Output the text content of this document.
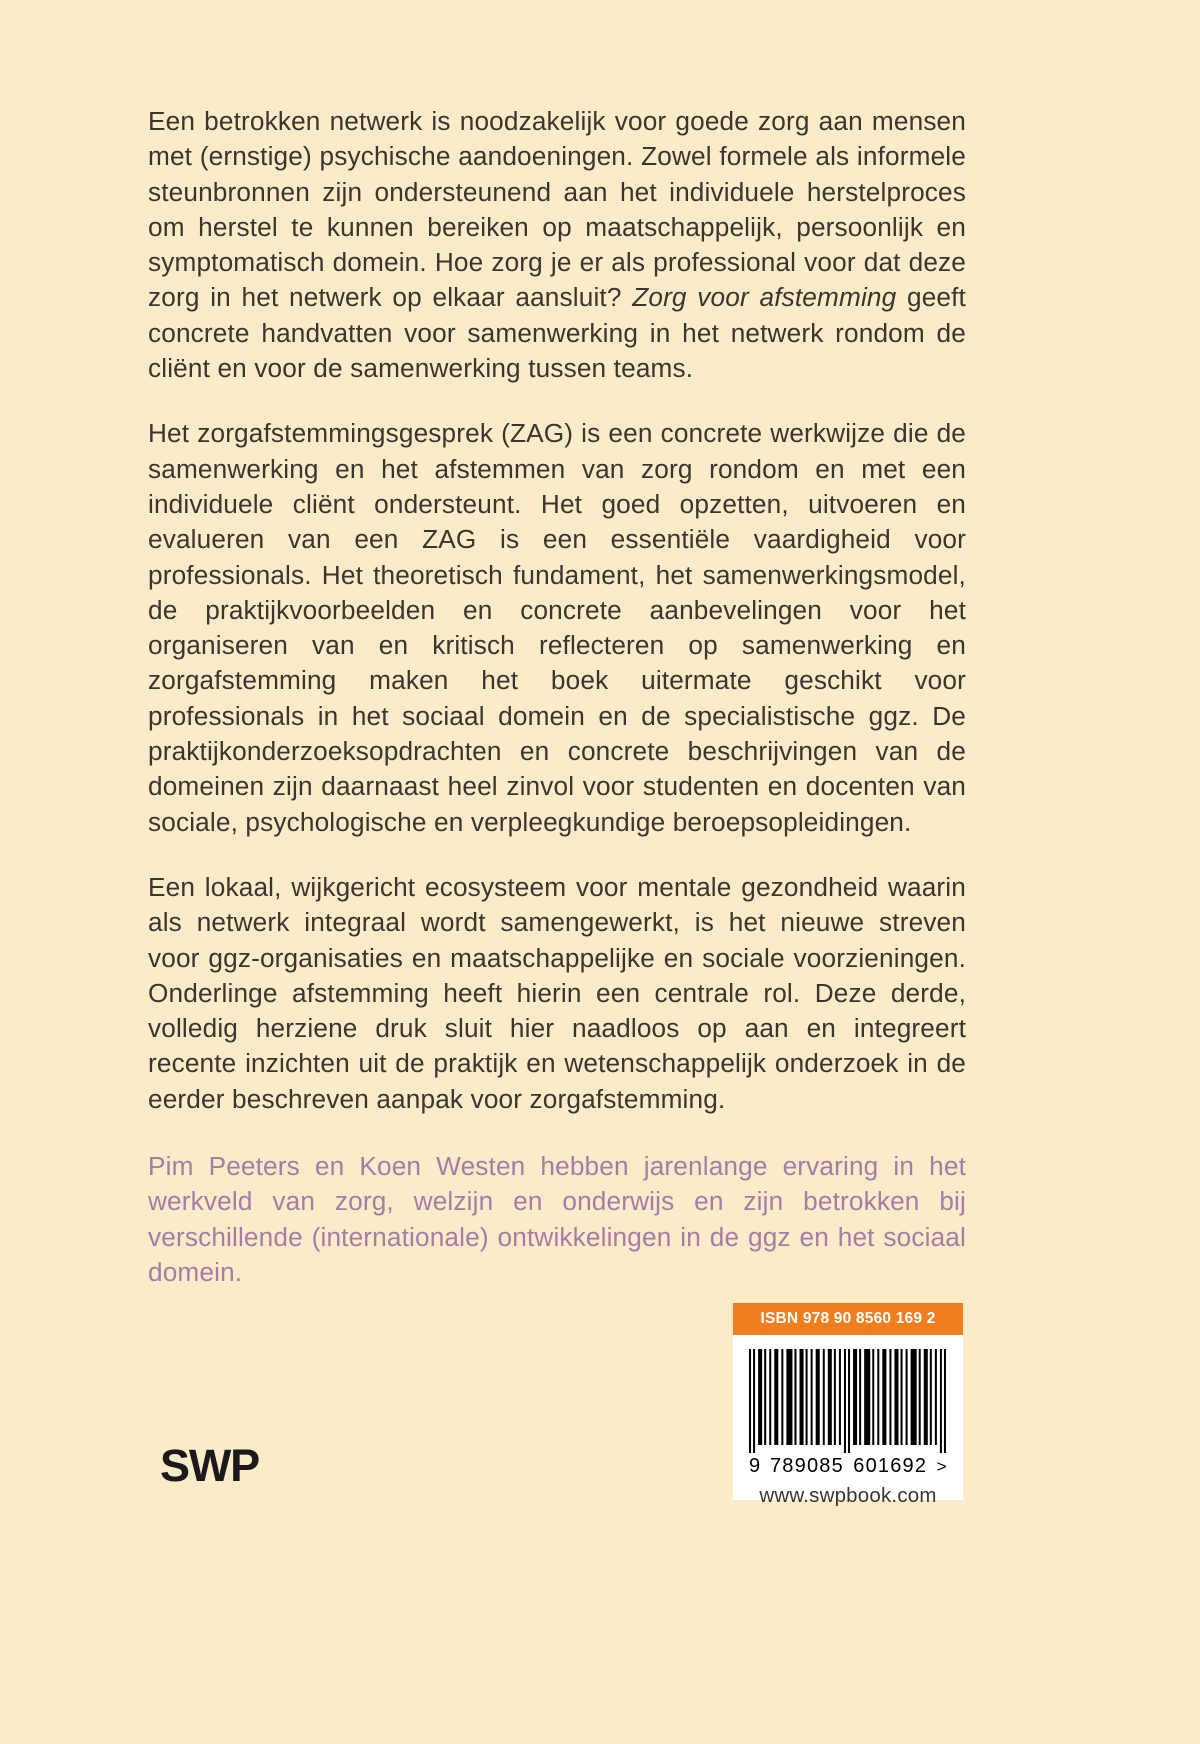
Een betrokken netwerk is noodzakelijk voor goede zorg aan mensen met (ernstige) psychische aandoeningen. Zowel formele als informele steunbronnen zijn ondersteunend aan het individuele herstelproces om herstel te kunnen bereiken op maatschappelijk, persoonlijk en symptomatisch domein. Hoe zorg je er als professional voor dat deze zorg in het netwerk op elkaar aansluit? Zorg voor afstemming geeft concrete handvatten voor samenwerking in het netwerk rondom de cliënt en voor de samenwerking tussen teams.

Het zorgafstemmingsgesprek (ZAG) is een concrete werkwijze die de samenwerking en het afstemmen van zorg rondom en met een individuele cliënt ondersteunt. Het goed opzetten, uitvoeren en evalueren van een ZAG is een essentiële vaardigheid voor professionals. Het theoretisch fundament, het samenwerkingsmodel, de praktijkvoorbeelden en concrete aanbevelingen voor het organiseren van en kritisch reflecteren op samenwerking en zorgafstemming maken het boek uitermate geschikt voor professionals in het sociaal domein en de specialistische ggz. De praktijkonderzoeksopdrachten en concrete beschrijvingen van de domeinen zijn daarnaast heel zinvol voor studenten en docenten van sociale, psychologische en verpleegkundige beroepsopleidingen.

Een lokaal, wijkgericht ecosysteem voor mentale gezondheid waarin als netwerk integraal wordt samengewerkt, is het nieuwe streven voor ggz-organisaties en maatschappelijke en sociale voorzieningen. Onderlinge afstemming heeft hierin een centrale rol. Deze derde, volledig herziene druk sluit hier naadloos op aan en integreert recente inzichten uit de praktijk en wetenschappelijk onderzoek in de eerder beschreven aanpak voor zorgafstemming.

Pim Peeters en Koen Westen hebben jarenlange ervaring in het werkveld van zorg, welzijn en onderwijs en zijn betrokken bij verschillende (internationale) ontwikkelingen in de ggz en het sociaal domein.

SWP
ISBN 978 90 8560 169 2
9 789085 601692 >
www.swpbook.com
